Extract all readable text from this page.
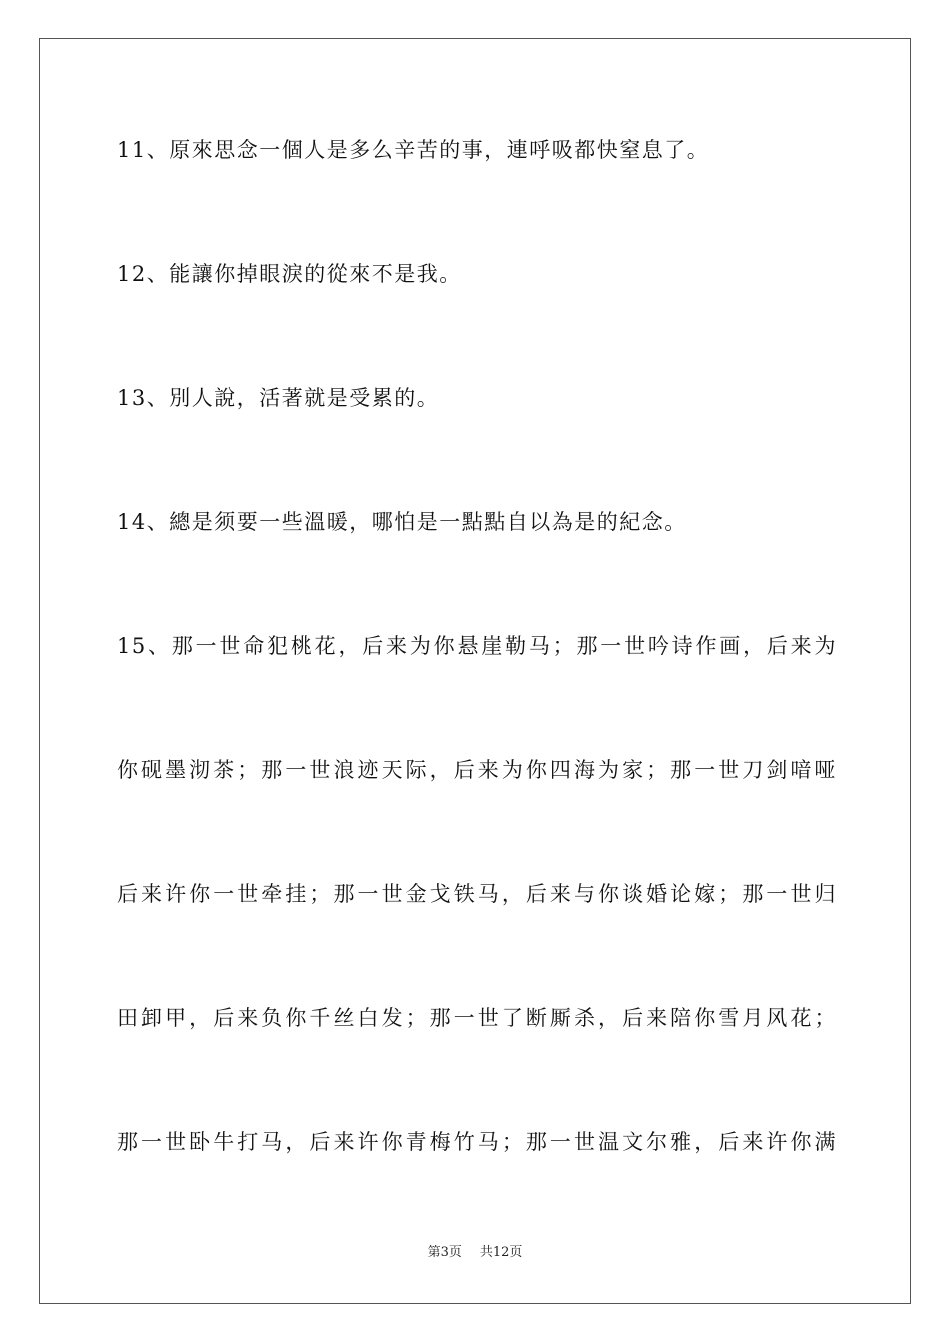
11、原來思念一個人是多么辛苦的事，連呼吸都快窒息了。
12、能讓你掉眼淚的從來不是我。
13、別人說，活著就是受累的。
14、總是须要一些溫暖，哪怕是一點點自以為是的紀念。
15、那一世命犯桃花，后来为你悬崖勒马；那一世吟诗作画，后来为
你砚墨沏茶；那一世浪迹天际，后来为你四海为家；那一世刀剑喑哑
后来许你一世牵挂；那一世金戈铁马，后来与你谈婚论嫁；那一世归
田卸甲，后来负你千丝白发；那一世了断厮杀，后来陪你雪月风花；
那一世卧牛打马，后来许你青梅竹马；那一世温文尔雅，后来许你满
第3页 共12页
